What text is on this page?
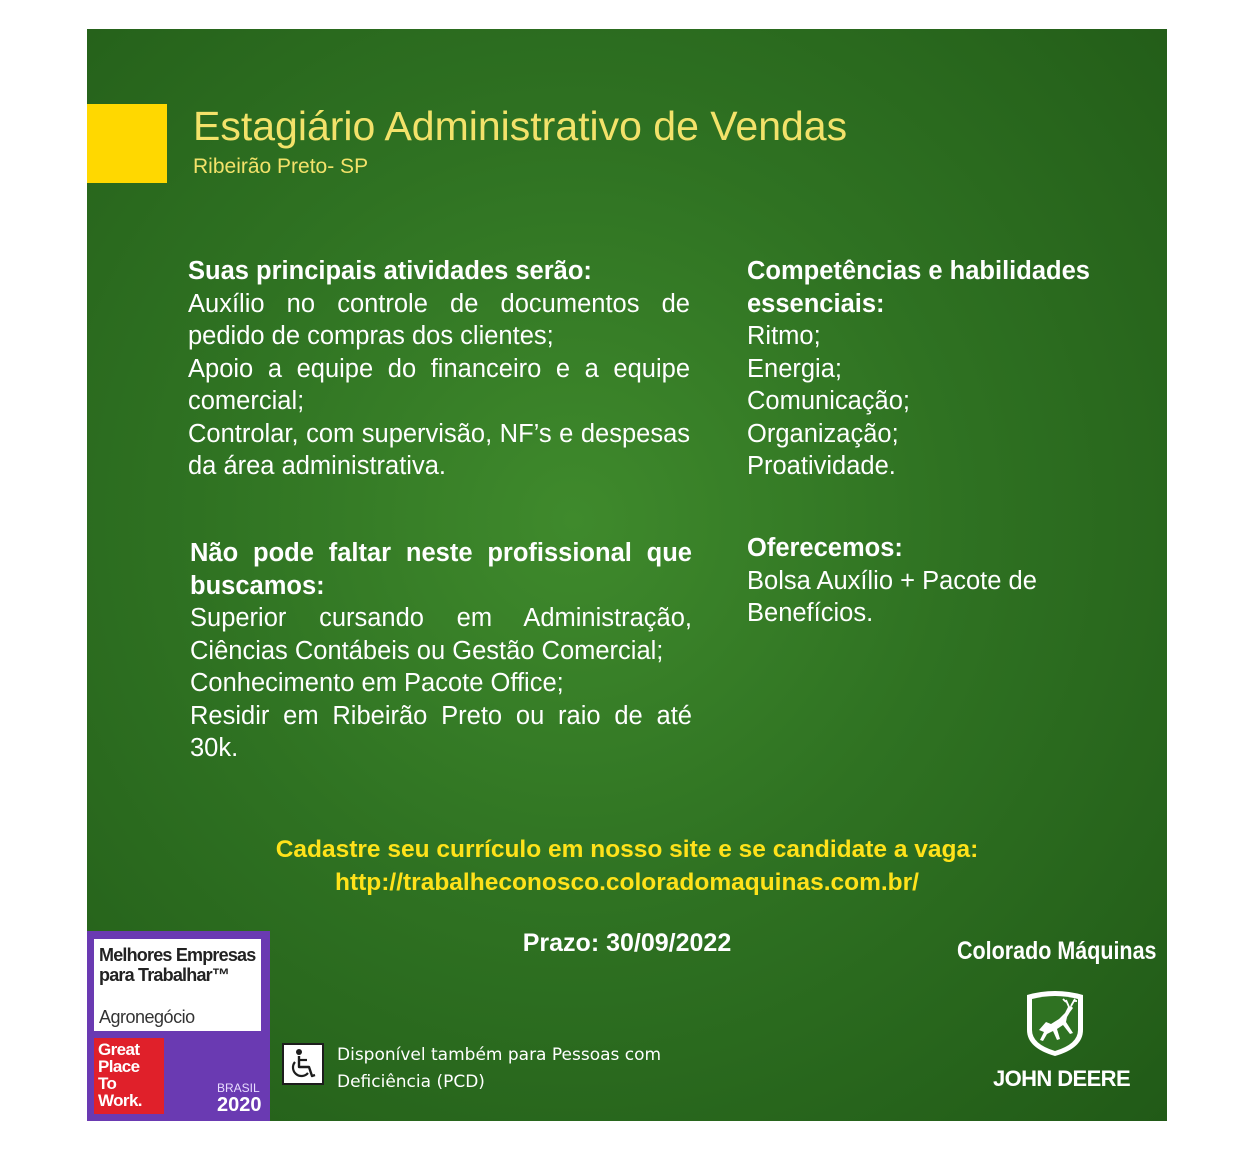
Estagiário Administrativo de Vendas
Ribeirão Preto- SP
Suas principais atividades serão:
Auxílio no controle de documentos de pedido de compras dos clientes;
Apoio a equipe do financeiro e a equipe comercial;
Controlar, com supervisão, NF’s e despesas da área administrativa.
Competências e habilidades essenciais:
Ritmo;
Energia;
Comunicação;
Organização;
Proatividade.
Não pode faltar neste profissional que buscamos:
Superior cursando em Administração, Ciências Contábeis ou Gestão Comercial;
Conhecimento em Pacote Office;
Residir em Ribeirão Preto ou raio de até 30k.
Oferecemos:
Bolsa Auxílio + Pacote de Benefícios.
Cadastre seu currículo em nosso site e se candidate a vaga:
http://trabalheconosco.coloradomaquinas.com.br/
Prazo: 30/09/2022
Melhores Empresas
para Trabalhar™
Agronegócio
Great
Place
To
Work.
BRASIL
2020
Disponível também para Pessoas com Deficiência (PCD)
Colorado Máquinas
JOHN DEERE
